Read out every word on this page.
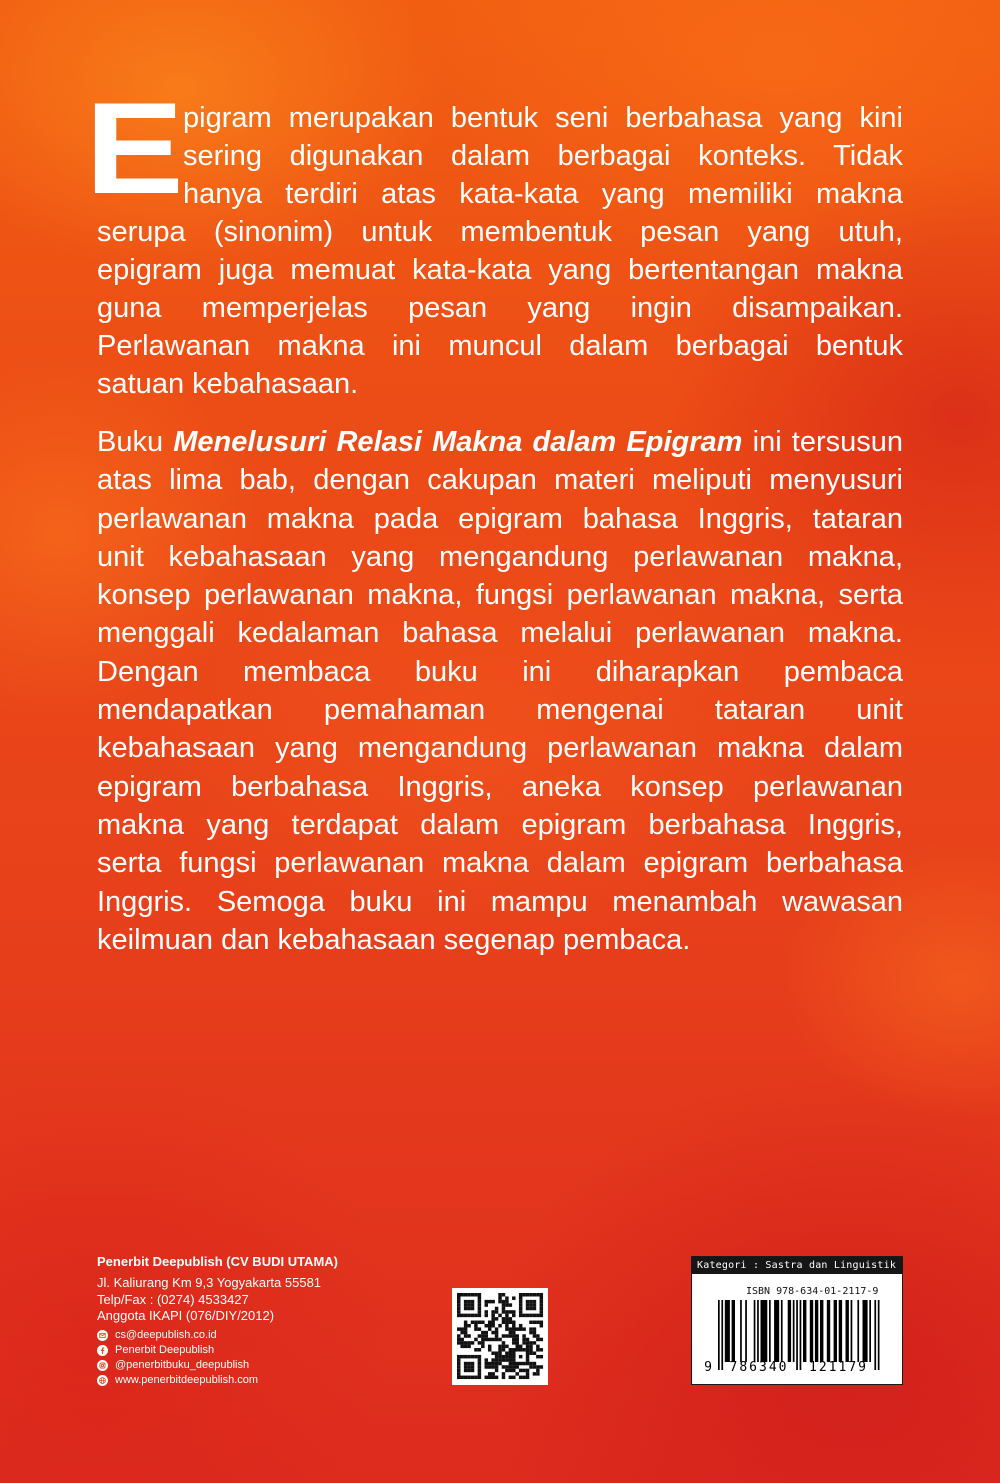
E pigram merupakan bentuk seni berbahasa yang kini
sering digunakan dalam berbagai konteks. Tidak
hanya terdiri atas kata-kata yang memiliki makna
serupa (sinonim) untuk membentuk pesan yang utuh,
epigram juga memuat kata-kata yang bertentangan makna
guna memperjelas pesan yang ingin disampaikan.
Perlawanan makna ini muncul dalam berbagai bentuk
satuan kebahasaan.
Buku Menelusuri Relasi Makna dalam Epigram ini tersusun
atas lima bab, dengan cakupan materi meliputi menyusuri
perlawanan makna pada epigram bahasa Inggris, tataran
unit kebahasaan yang mengandung perlawanan makna,
konsep perlawanan makna, fungsi perlawanan makna, serta
menggali kedalaman bahasa melalui perlawanan makna.
Dengan membaca buku ini diharapkan pembaca
mendapatkan pemahaman mengenai tataran unit
kebahasaan yang mengandung perlawanan makna dalam
epigram berbahasa Inggris, aneka konsep perlawanan
makna yang terdapat dalam epigram berbahasa Inggris,
serta fungsi perlawanan makna dalam epigram berbahasa
Inggris. Semoga buku ini mampu menambah wawasan
keilmuan dan kebahasaan segenap pembaca.
Penerbit Deepublish (CV BUDI UTAMA)
Jl. Kaliurang Km 9,3 Yogyakarta 55581
Telp/Fax : (0274) 4533427
Anggota IKAPI (076/DIY/2012)
cs@deepublish.co.id
Penerbit Deepublish
@penerbitbuku_deepublish
www.penerbitdeepublish.com
Kategori : Sastra dan Linguistik
ISBN 978-634-01-2117-9
9	786340	121179
